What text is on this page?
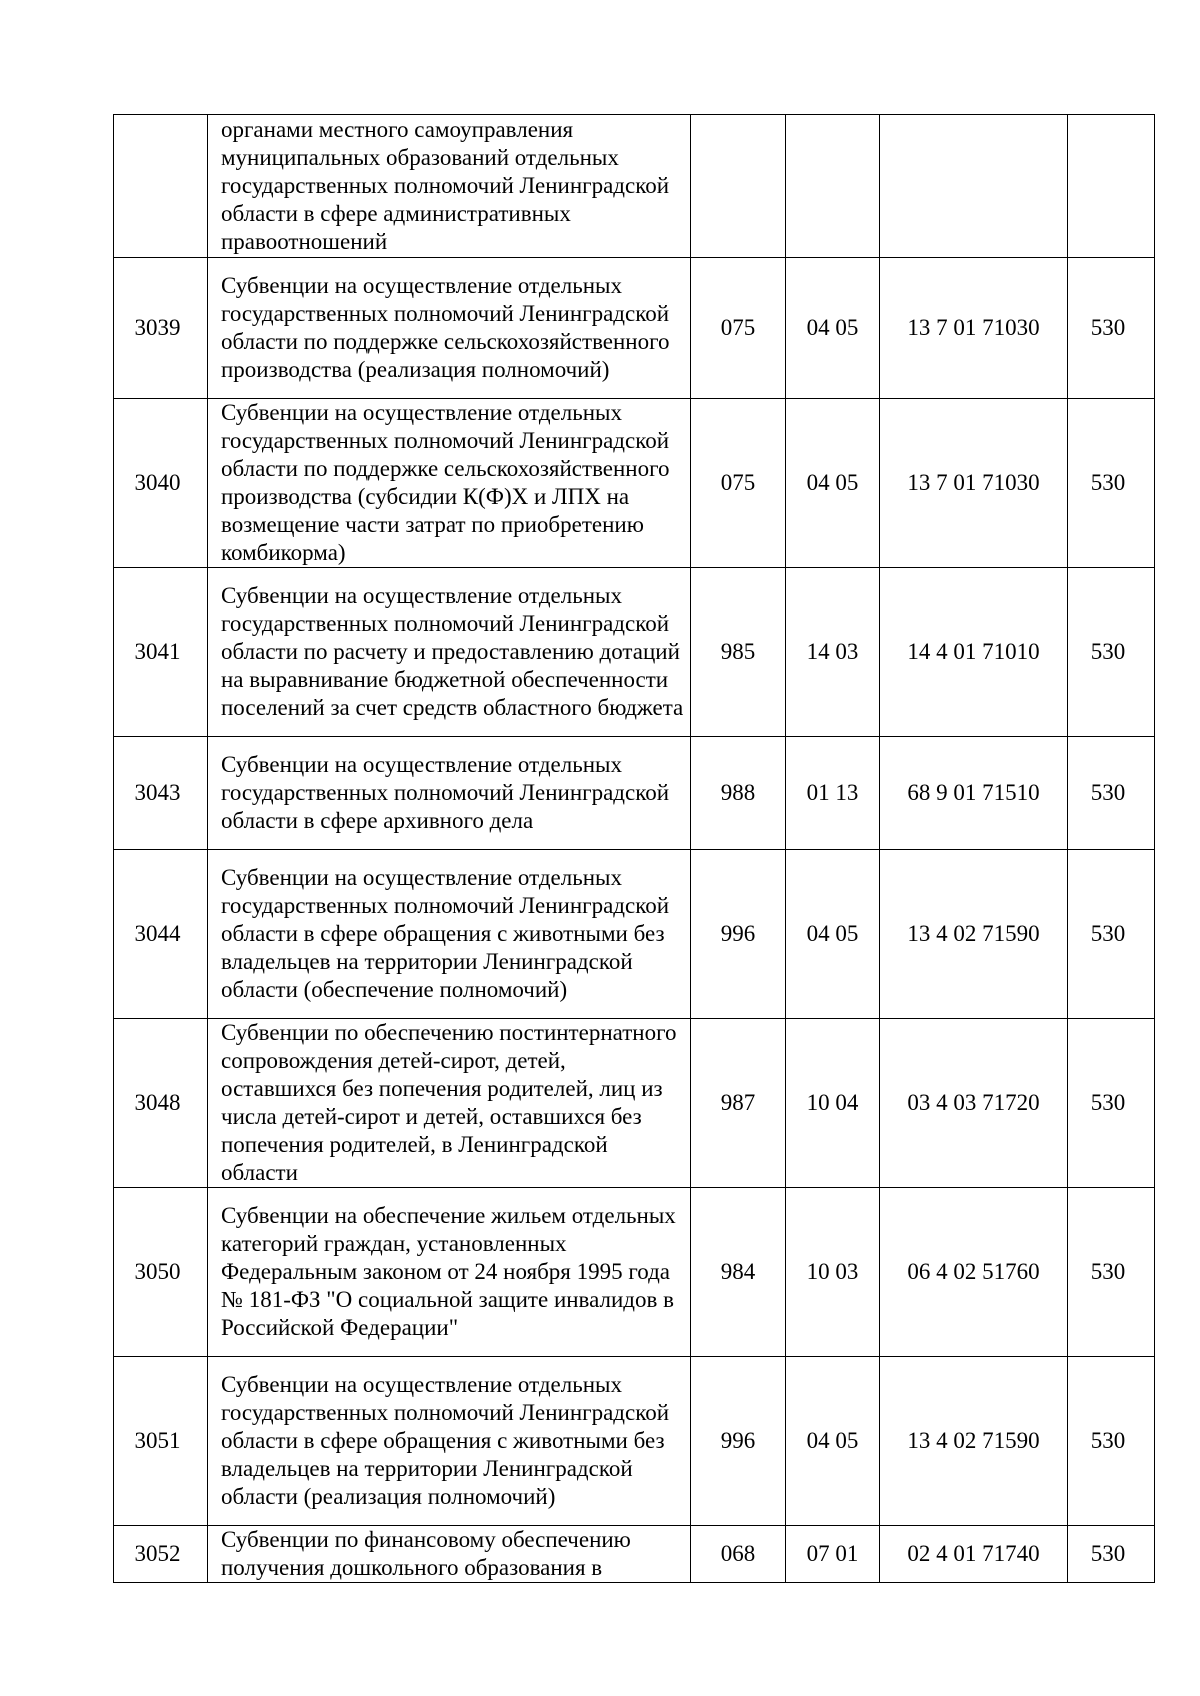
	органами местного самоуправления муниципальных образований отдельных государственных полномочий Ленинградской области в сфере административных правоотношений				
3039	Субвенции на осуществление отдельных государственных полномочий Ленинградской области по поддержке сельскохозяйственного производства (реализация полномочий)	075	04 05	13 7 01 71030	530
3040	Субвенции на осуществление отдельных государственных полномочий Ленинградской области по поддержке сельскохозяйственного производства (субсидии К(Ф)Х и ЛПХ на возмещение части затрат по приобретению комбикорма)	075	04 05	13 7 01 71030	530
3041	Субвенции на осуществление отдельных государственных полномочий Ленинградской области по расчету и предоставлению дотаций на выравнивание бюджетной обеспеченности поселений за счет средств областного бюджета	985	14 03	14 4 01 71010	530
3043	Субвенции на осуществление отдельных государственных полномочий Ленинградской области в сфере архивного дела	988	01 13	68 9 01 71510	530
3044	Субвенции на осуществление отдельных государственных полномочий Ленинградской области в сфере обращения с животными без владельцев на территории Ленинградской области (обеспечение полномочий)	996	04 05	13 4 02 71590	530
3048	Субвенции по обеспечению постинтернатного сопровождения детей-сирот, детей, оставшихся без попечения родителей, лиц из числа детей-сирот и детей, оставшихся без попечения родителей, в Ленинградской области	987	10 04	03 4 03 71720	530
3050	Субвенции на обеспечение жильем отдельных категорий граждан, установленных Федеральным законом от 24 ноября 1995 года № 181-ФЗ "О социальной защите инвалидов в Российской Федерации"	984	10 03	06 4 02 51760	530
3051	Субвенции на осуществление отдельных государственных полномочий Ленинградской области в сфере обращения с животными без владельцев на территории Ленинградской области (реализация полномочий)	996	04 05	13 4 02 71590	530
3052	Субвенции по финансовому обеспечению получения дошкольного образования в	068	07 01	02 4 01 71740	530
